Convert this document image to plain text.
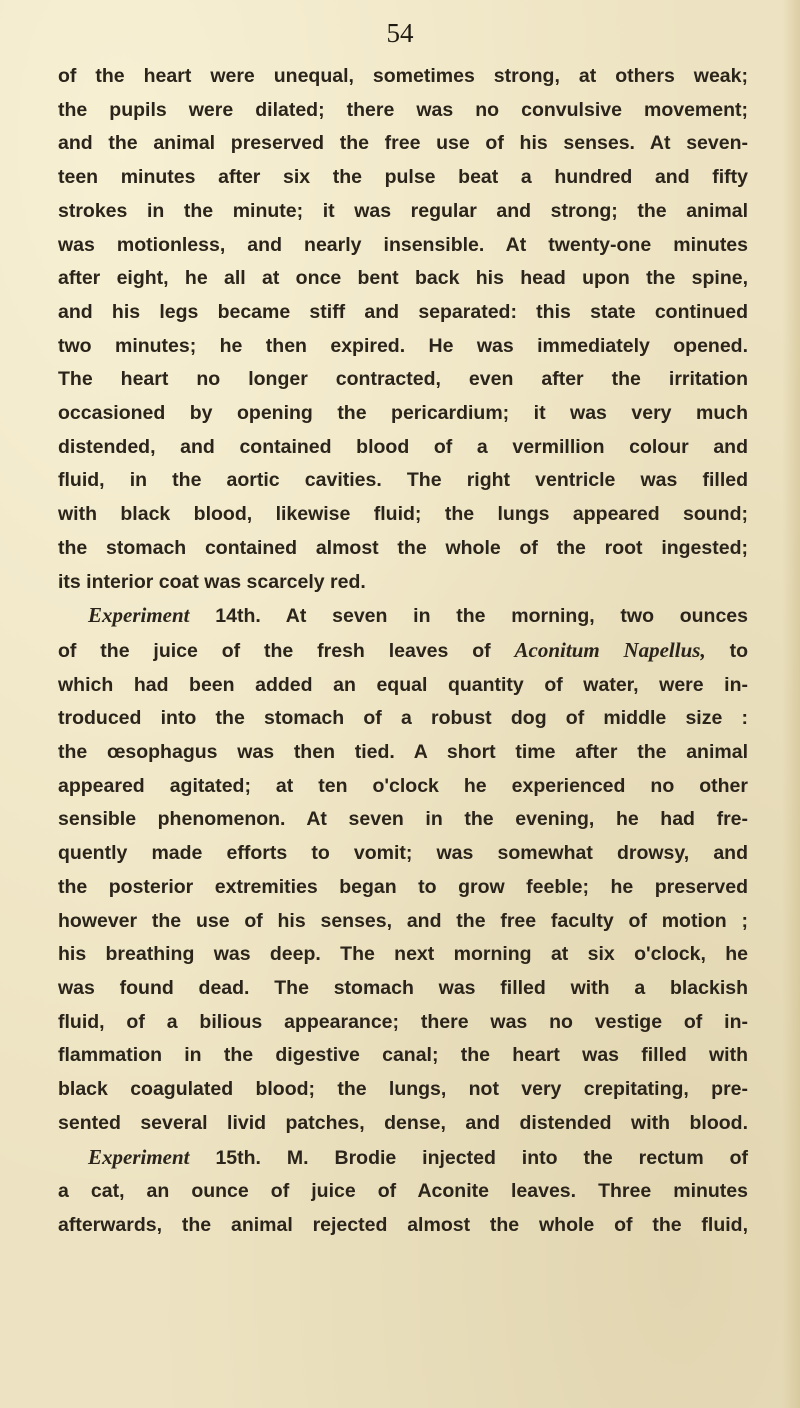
54
of the heart were unequal, sometimes strong, at others weak;
the pupils were dilated; there was no convulsive movement;
and the animal preserved the free use of his senses. At seven-
teen minutes after six the pulse beat a hundred and fifty
strokes in the minute; it was regular and strong; the animal
was motionless, and nearly insensible. At twenty-one minutes
after eight, he all at once bent back his head upon the spine,
and his legs became stiff and separated: this state continued
two minutes; he then expired. He was immediately opened.
The heart no longer contracted, even after the irritation
occasioned by opening the pericardium; it was very much
distended, and contained blood of a vermillion colour and
fluid, in the aortic cavities. The right ventricle was filled
with black blood, likewise fluid; the lungs appeared sound;
the stomach contained almost the whole of the root ingested;
its interior coat was scarcely red.
Experiment 14th. At seven in the morning, two ounces
of the juice of the fresh leaves of Aconitum Napellus, to
which had been added an equal quantity of water, were in-
troduced into the stomach of a robust dog of middle size :
the œsophagus was then tied. A short time after the animal
appeared agitated; at ten o'clock he experienced no other
sensible phenomenon. At seven in the evening, he had fre-
quently made efforts to vomit; was somewhat drowsy, and
the posterior extremities began to grow feeble; he preserved
however the use of his senses, and the free faculty of motion ;
his breathing was deep. The next morning at six o'clock, he
was found dead. The stomach was filled with a blackish
fluid, of a bilious appearance; there was no vestige of in-
flammation in the digestive canal; the heart was filled with
black coagulated blood; the lungs, not very crepitating, pre-
sented several livid patches, dense, and distended with blood.
Experiment 15th. M. Brodie injected into the rectum of
a cat, an ounce of juice of Aconite leaves. Three minutes
afterwards, the animal rejected almost the whole of the fluid,
